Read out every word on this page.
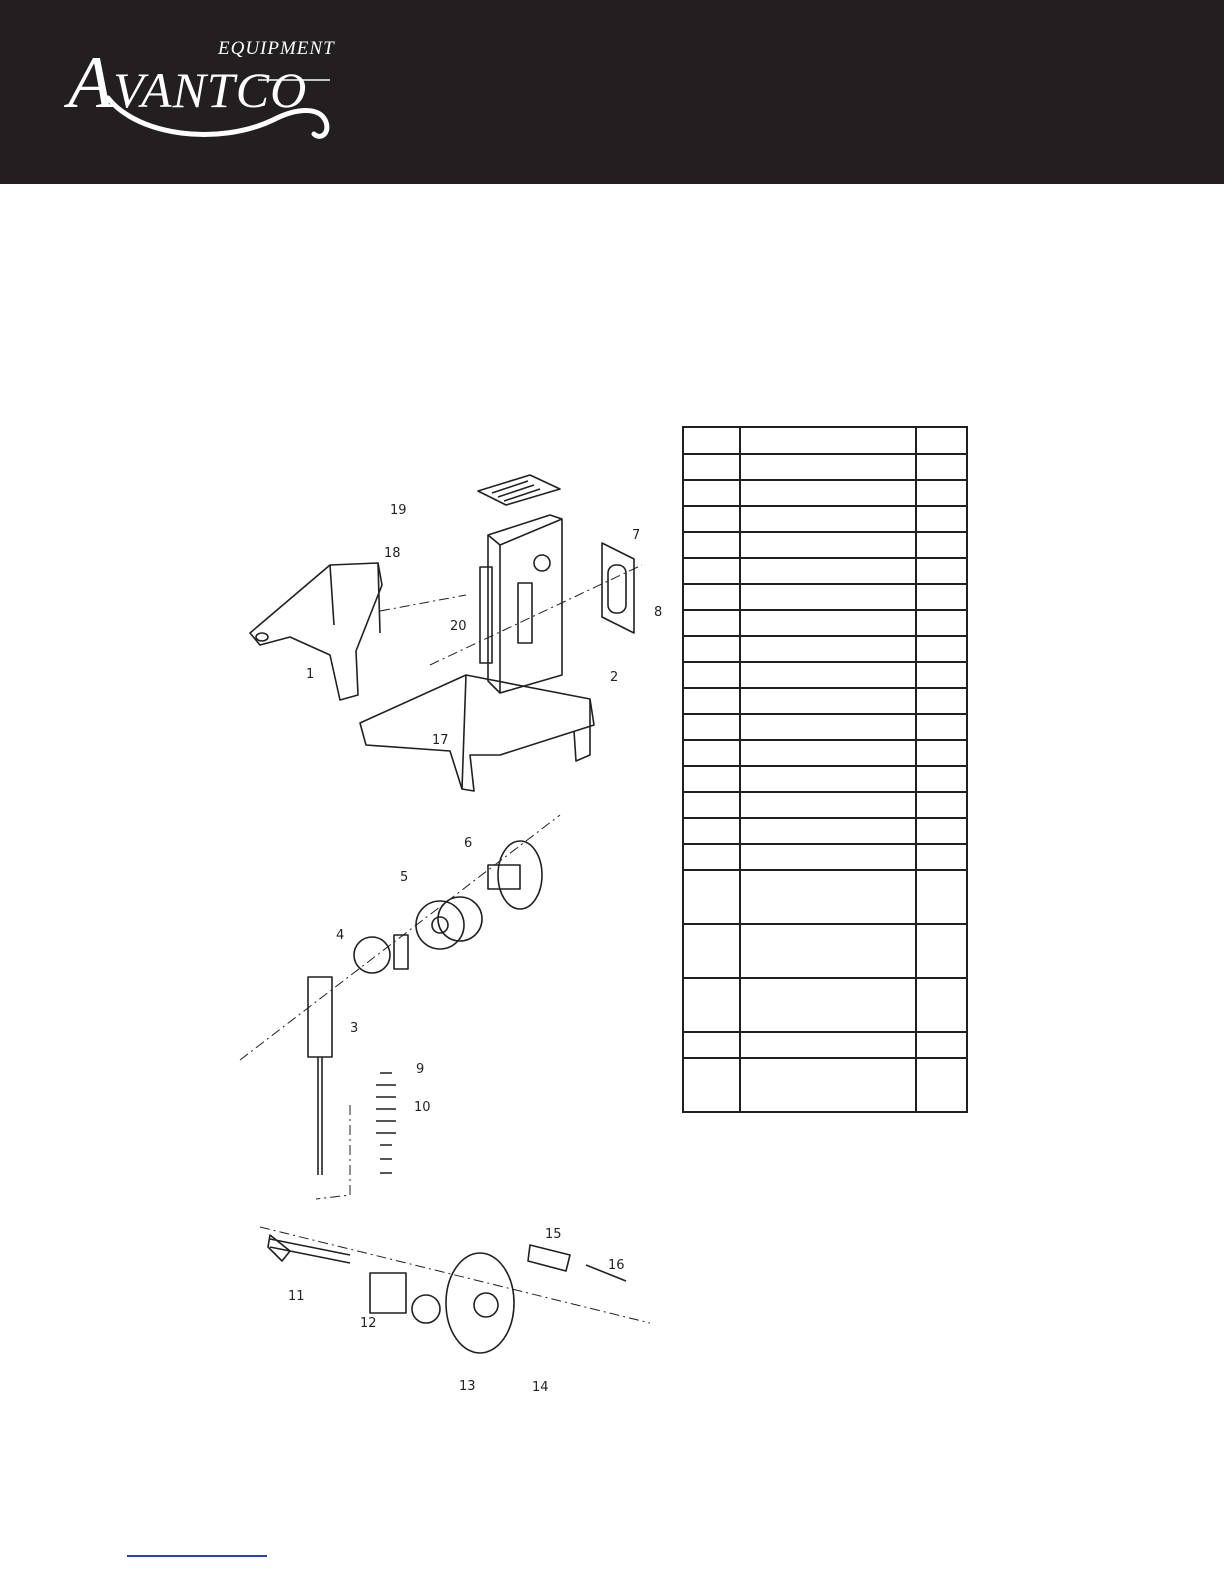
EQUIPMENT
AVANTCO
19
18
20
1
17
2
7
8
6
5
4
3
9
10
11
12
13	14
15
16
